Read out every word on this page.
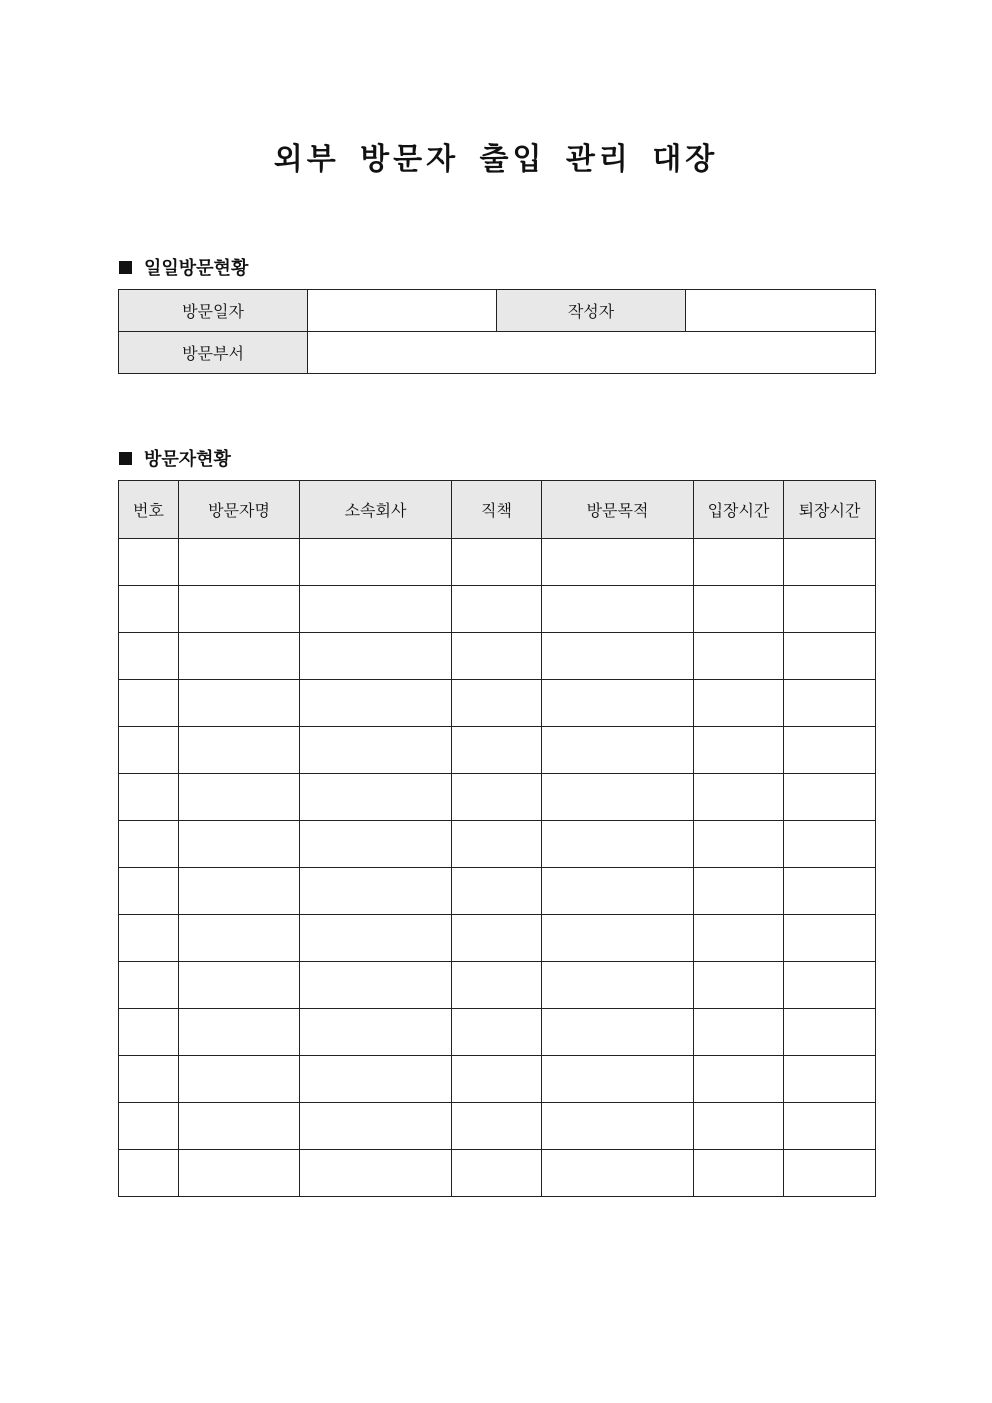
외부 방문자 출입 관리 대장
일일방문현황
방문일자		작성자	
방문부서			
방문자현황
번호	방문자명	소속회사	직책	방문목적	입장시간	퇴장시간
